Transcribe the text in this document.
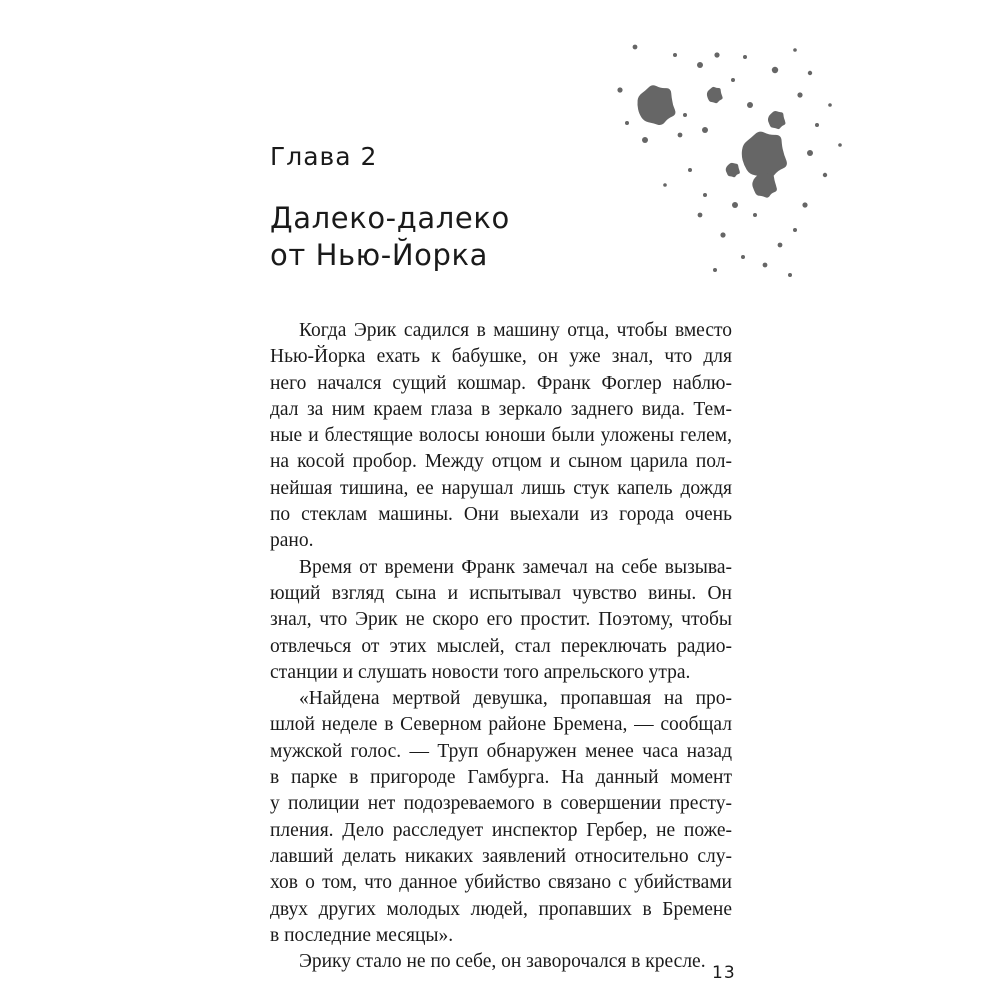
Глава 2
Далеко-далеко
от Нью-Йорка
Когда Эрик садился в машину отца, чтобы вместо
Нью-Йорка ехать к бабушке, он уже знал, что для
него начался сущий кошмар. Франк Фоглер наблю-
дал за ним краем глаза в зеркало заднего вида. Тем-
ные и блестящие волосы юноши были уложены гелем,
на косой пробор. Между отцом и сыном царила пол-
нейшая тишина, ее нарушал лишь стук капель дождя
по стеклам машины. Они выехали из города очень
рано.
Время от времени Франк замечал на себе вызыва-
ющий взгляд сына и испытывал чувство вины. Он
знал, что Эрик не скоро его простит. Поэтому, чтобы
отвлечься от этих мыслей, стал переключать радио-
станции и слушать новости того апрельского утра.
«Найдена мертвой девушка, пропавшая на про-
шлой неделе в Северном районе Бремена, — сообщал
мужской голос. — Труп обнаружен менее часа назад
в парке в пригороде Гамбурга. На данный момент
у полиции нет подозреваемого в совершении престу-
пления. Дело расследует инспектор Гербер, не поже-
лавший делать никаких заявлений относительно слу-
хов о том, что данное убийство связано с убийствами
двух других молодых людей, пропавших в Бремене
в последние месяцы».
Эрику стало не по себе, он заворочался в кресле.
13
